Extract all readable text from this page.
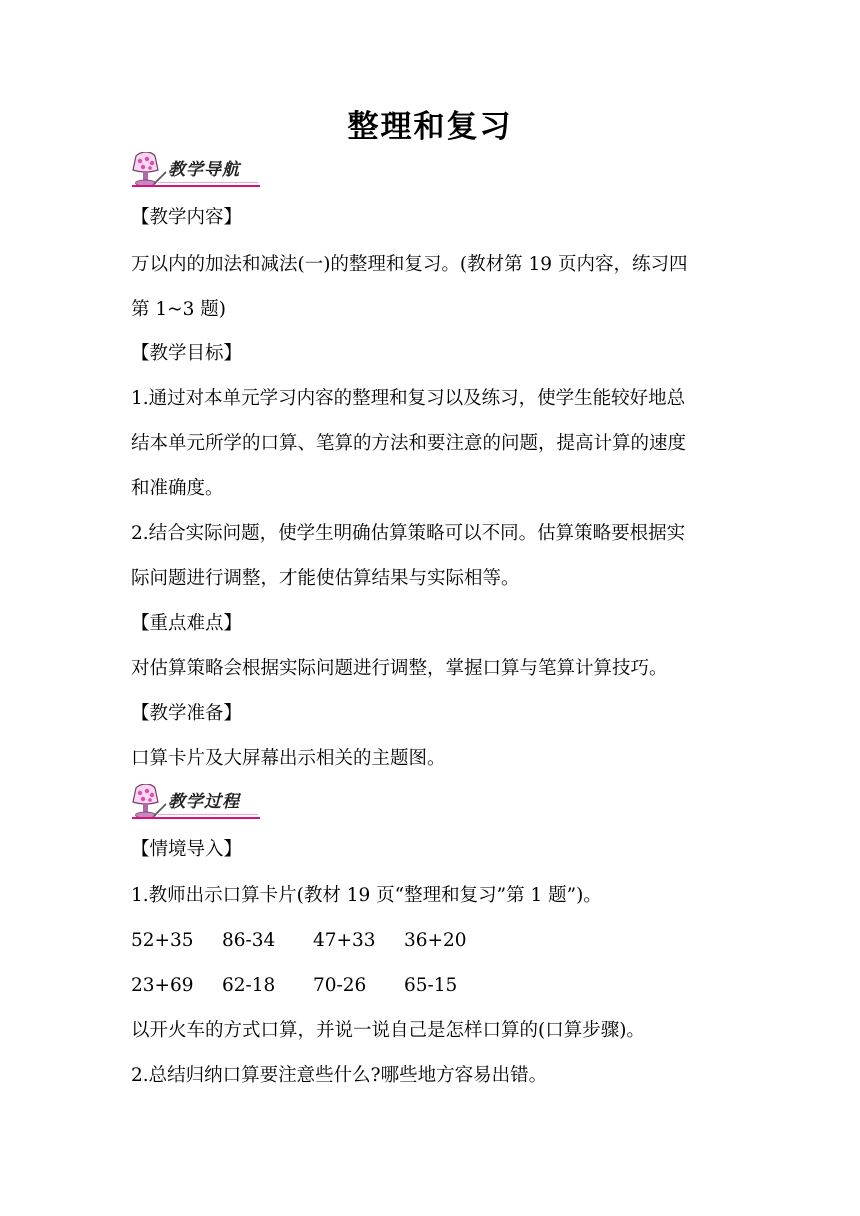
整理和复习
教学导航
【教学内容】
万以内的加法和减法(一)的整理和复习。(教材第 19 页内容，练习四
第 1~3 题)
【教学目标】
1.通过对本单元学习内容的整理和复习以及练习，使学生能较好地总
结本单元所学的口算、笔算的方法和要注意的问题，提高计算的速度
和准确度。
2.结合实际问题，使学生明确估算策略可以不同。估算策略要根据实
际问题进行调整，才能使估算结果与实际相等。
【重点难点】
对估算策略会根据实际问题进行调整，掌握口算与笔算计算技巧。
【教学准备】
口算卡片及大屏幕出示相关的主题图。
教学过程
【情境导入】
1.教师出示口算卡片(教材 19 页“整理和复习”第 1 题”)。
52+35 86-34 47+33 36+20
23+69 62-18 70-26 65-15
以开火车的方式口算，并说一说自己是怎样口算的(口算步骤)。
2.总结归纳口算要注意些什么?哪些地方容易出错。
